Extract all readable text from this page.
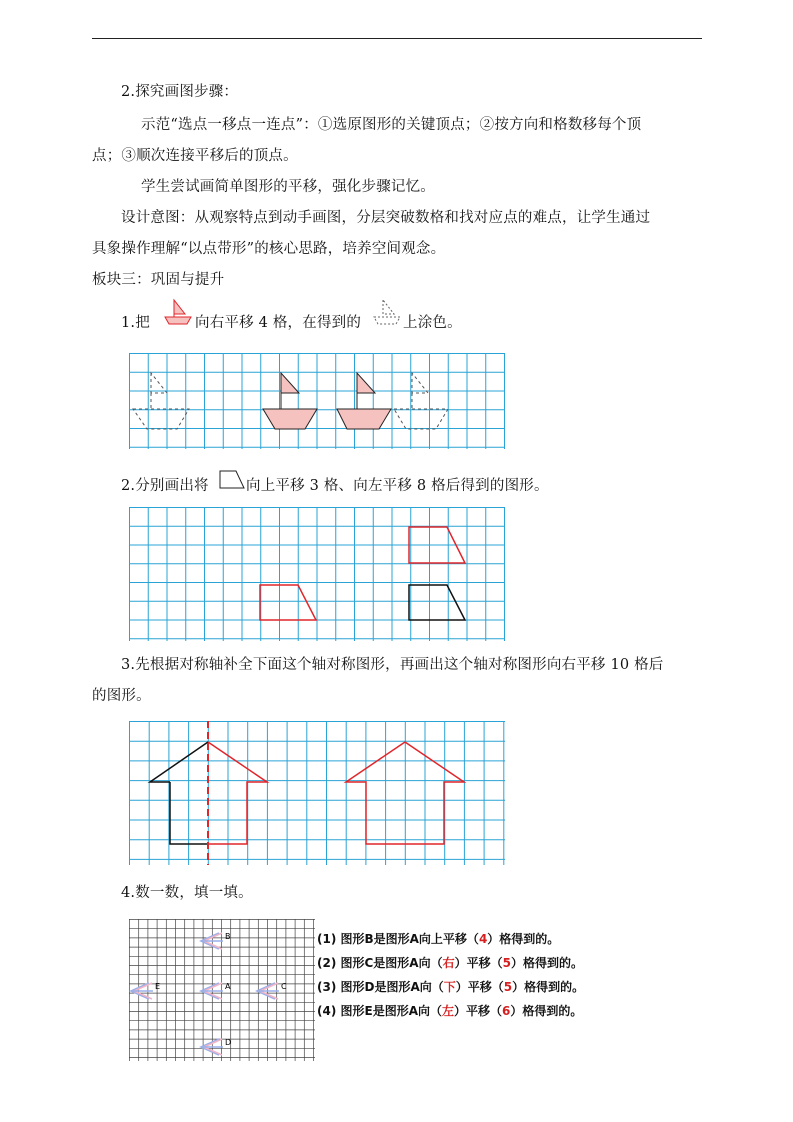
2.探究画图步骤：
示范“选点一移点一连点”：①选原图形的关键顶点；②按方向和格数移每个顶
点；③顺次连接平移后的顶点。
学生尝试画简单图形的平移，强化步骤记忆。
设计意图：从观察特点到动手画图，分层突破数格和找对应点的难点，让学生通过
具象操作理解“以点带形”的核心思路，培养空间观念。
板块三：巩固与提升
1.把	向右平移 4 格，在得到的	上涂色。
2.分别画出将	向上平移 3 格、向左平移 8 格后得到的图形。
3.先根据对称轴补全下面这个轴对称图形，再画出这个轴对称图形向右平移 10 格后
的图形。
4.数一数，填一填。
B
A	C
D
E
(1) 图形B是图形A向上平移（4）格得到的。
(2) 图形C是图形A向（右）平移（5）格得到的。
(3) 图形D是图形A向（下）平移（5）格得到的。
(4) 图形E是图形A向（左）平移（6）格得到的。
